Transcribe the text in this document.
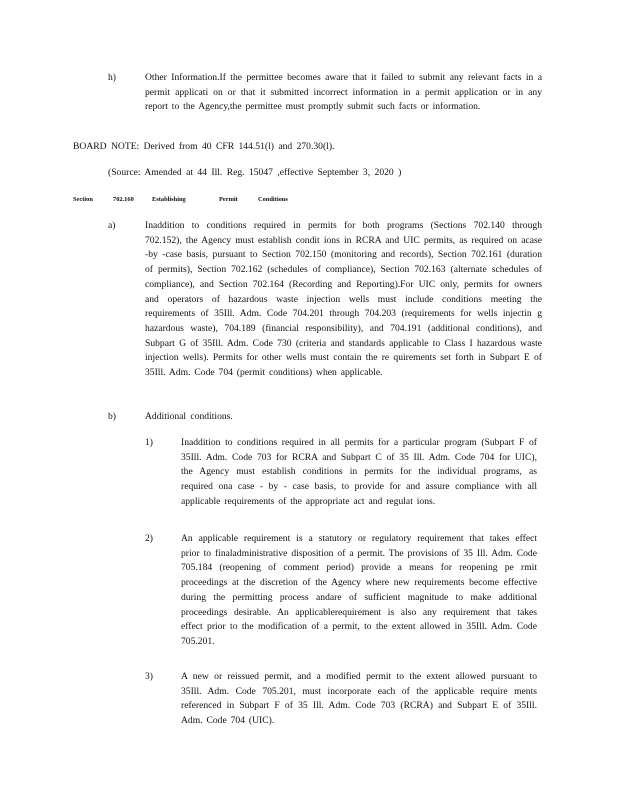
h)	Other Information.If the permittee becomes aware that it failed to submit any relevant facts in a permit applicati on or that it submitted incorrect information in a permit application or in any report to the Agency,the permittee must promptly submit such facts or information.

BOARD NOTE: Derived from 40 CFR 144.51(l) and 270.30(l).
(Source: Amended at 44 Ill. Reg. 15047 ,effective September 3, 2020 )
Section	702.160	Establishing	Permit	Conditions
a)	Inaddition to conditions required in permits for both programs (Sections 702.140 through 702.152), the Agency must establish condit ions in RCRA and UIC permits, as required on acase -by -case basis, pursuant to Section 702.150 (monitoring and records), Section 702.161 (duration of permits), Section 702.162 (schedules of compliance), Section 702.163 (alternate schedules of compliance), and Section 702.164 (Recording and Reporting).For UIC only, permits for owners and operators of hazardous waste injection wells must include conditions meeting the requirements of 35Ill. Adm. Code 704.201 through 704.203 (requirements for wells injectin g hazardous waste), 704.189 (financial responsibility), and 704.191 (additional conditions), and Subpart G of 35Ill. Adm. Code 730 (criteria and standards applicable to Class I hazardous waste injection wells). Permits for other wells must contain the re quirements set forth in Subpart E of 35Ill. Adm. Code 704 (permit conditions) when applicable.

b)	Additional conditions.
1)	Inaddition to conditions required in all permits for a particular program (Subpart F of 35Ill. Adm. Code 703 for RCRA and Subpart C of 35 Ill. Adm. Code 704 for UIC), the Agency must establish conditions in permits for the individual programs, as required ona case - by - case basis, to provide for and assure compliance with all applicable requirements of the appropriate act and regulat ions.

2)	An applicable requirement is a statutory or regulatory requirement that takes effect prior to finaladministrative disposition of a permit. The provisions of 35 Ill. Adm. Code 705.184 (reopening of comment period) provide a means for reopening pe rmit proceedings at the discretion of the Agency where new requirements become effective during the permitting process andare of sufficient magnitude to make additional proceedings desirable. An applicablerequirement is also any requirement that takes effect prior to the modification of a permit, to the extent allowed in 35Ill. Adm. Code 705.201.

3)	A new or reissued permit, and a modified permit to the extent allowed pursuant to 35Ill. Adm. Code 705.201, must incorporate each of the applicable require ments referenced in Subpart F of 35 Ill. Adm. Code 703 (RCRA) and Subpart E of 35Ill. Adm. Code 704 (UIC).
